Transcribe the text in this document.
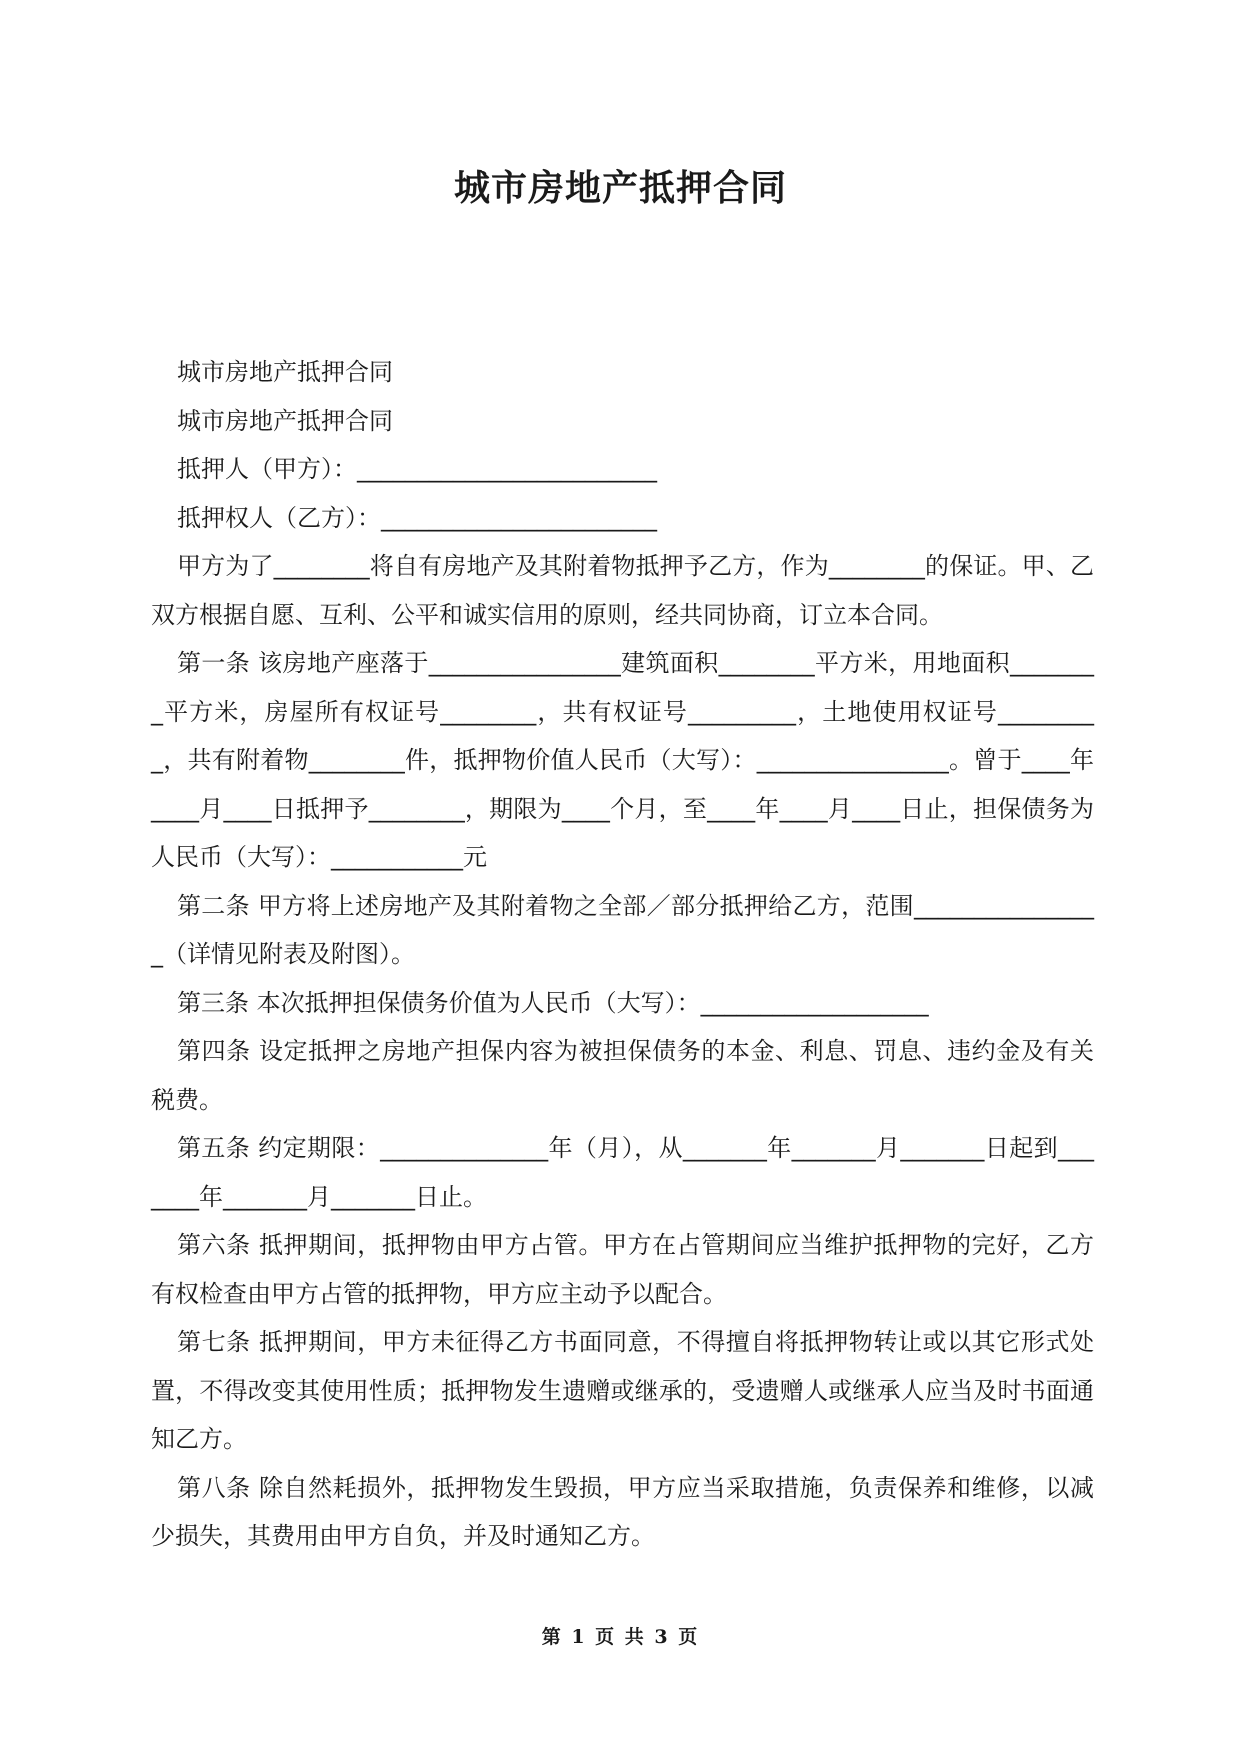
城市房地产抵押合同

城市房地产抵押合同

城市房地产抵押合同

抵押人（甲方）：_________________________

抵押权人（乙方）：_______________________

甲方为了________将自有房地产及其附着物抵押予乙方，作为________的保证。甲、乙双方根据自愿、互利、公平和诚实信用的原则，经共同协商，订立本合同。

第一条 该房地产座落于________________建筑面积________平方米，用地面积________平方米，房屋所有权证号________，共有权证号_________，土地使用权证号_________，共有附着物________件，抵押物价值人民币（大写）：________________。曾于____年____月____日抵押予________，期限为____个月，至____年____月____日止，担保债务为人民币（大写）：___________元

第二条 甲方将上述房地产及其附着物之全部／部分抵押给乙方，范围________________（详情见附表及附图）。

第三条 本次抵押担保债务价值为人民币（大写）：___________________

第四条 设定抵押之房地产担保内容为被担保债务的本金、利息、罚息、违约金及有关税费。

第五条 约定期限：______________年（月），从_______年_______月_______日起到_______年_______月_______日止。

第六条 抵押期间，抵押物由甲方占管。甲方在占管期间应当维护抵押物的完好，乙方有权检查由甲方占管的抵押物，甲方应主动予以配合。

第七条 抵押期间，甲方未征得乙方书面同意，不得擅自将抵押物转让或以其它形式处置，不得改变其使用性质；抵押物发生遗赠或继承的，受遗赠人或继承人应当及时书面通知乙方。

第八条 除自然耗损外，抵押物发生毁损，甲方应当采取措施，负责保养和维修，以减少损失，其费用由甲方自负，并及时通知乙方。

第 1 页 共 3 页
